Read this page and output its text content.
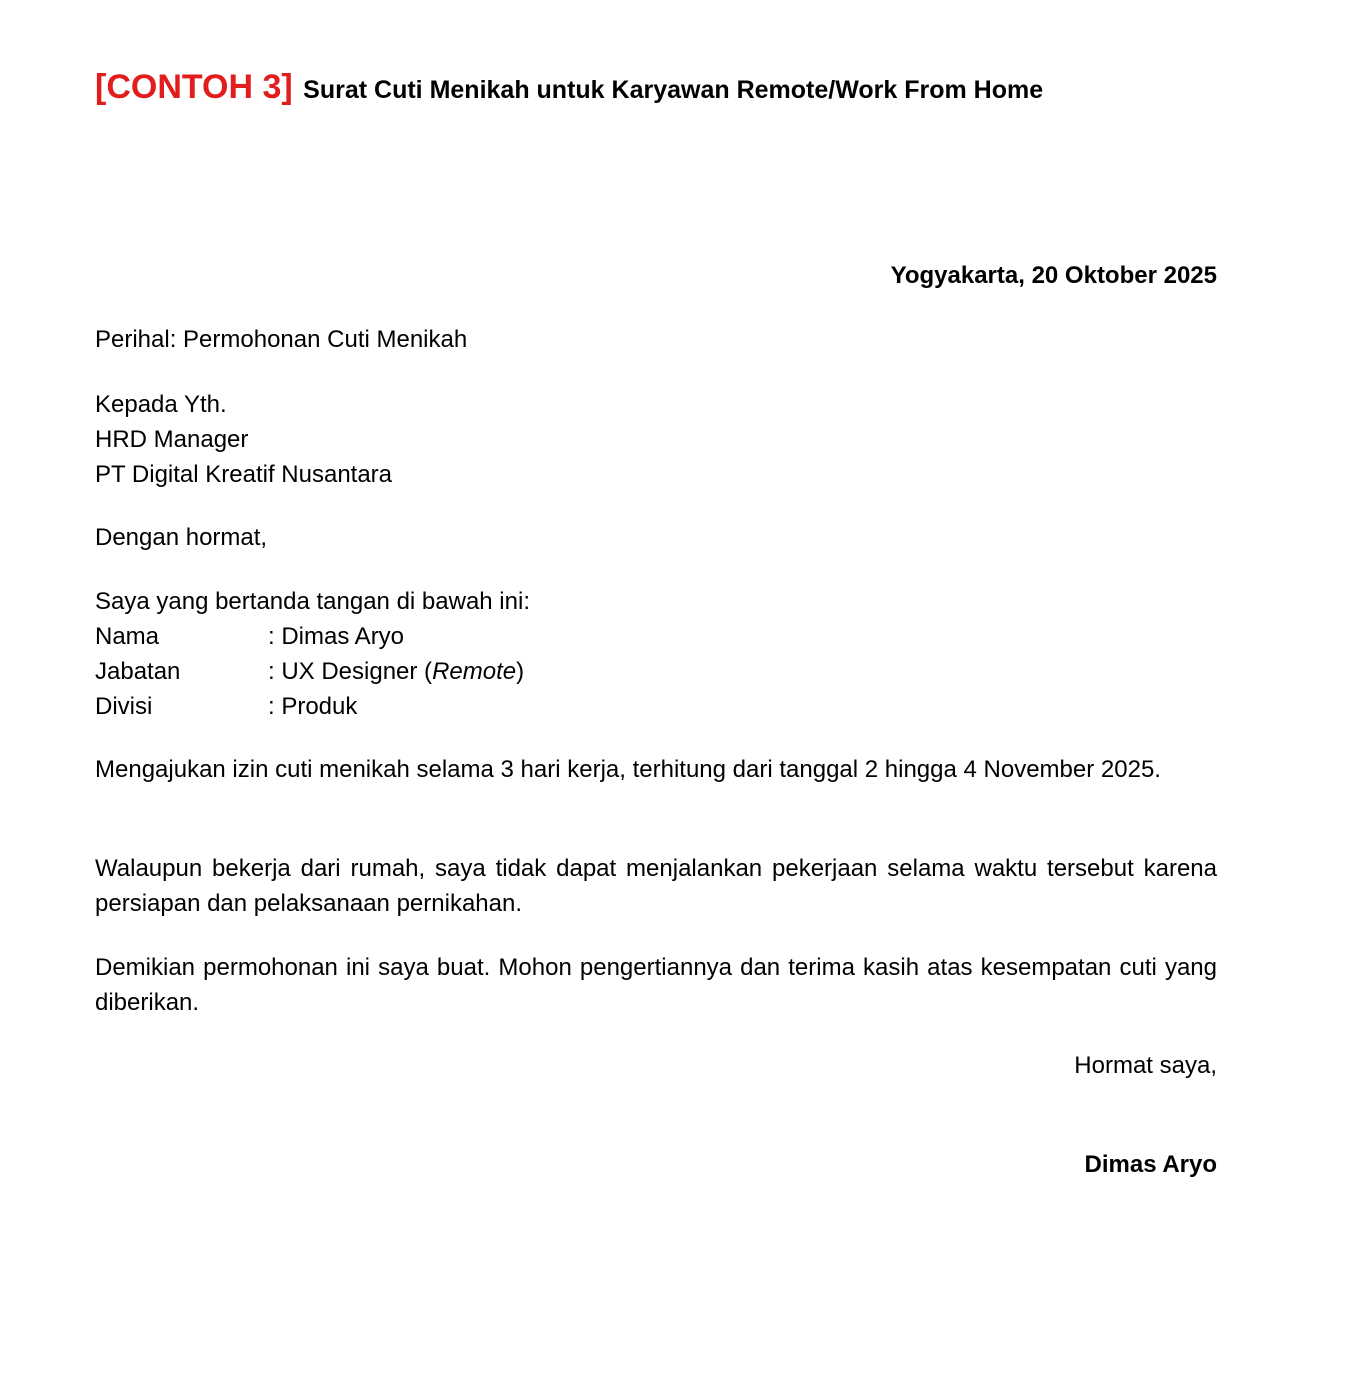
[CONTOH 3] Surat Cuti Menikah untuk Karyawan Remote/Work From Home

Yogyakarta, 20 Oktober 2025

Perihal: Permohonan Cuti Menikah

Kepada Yth.

HRD Manager

PT Digital Kreatif Nusantara

Dengan hormat,

Saya yang bertanda tangan di bawah ini:

Nama	: Dimas Aryo
Jabatan	: UX Designer (Remote)
Divisi	: Produk

Mengajukan izin cuti menikah selama 3 hari kerja, terhitung dari tanggal 2 hingga 4 November 2025.

Walaupun bekerja dari rumah, saya tidak dapat menjalankan pekerjaan selama waktu tersebut karena persiapan dan pelaksanaan pernikahan.

Demikian permohonan ini saya buat. Mohon pengertiannya dan terima kasih atas kesempatan cuti yang diberikan.

Hormat saya,

Dimas Aryo
